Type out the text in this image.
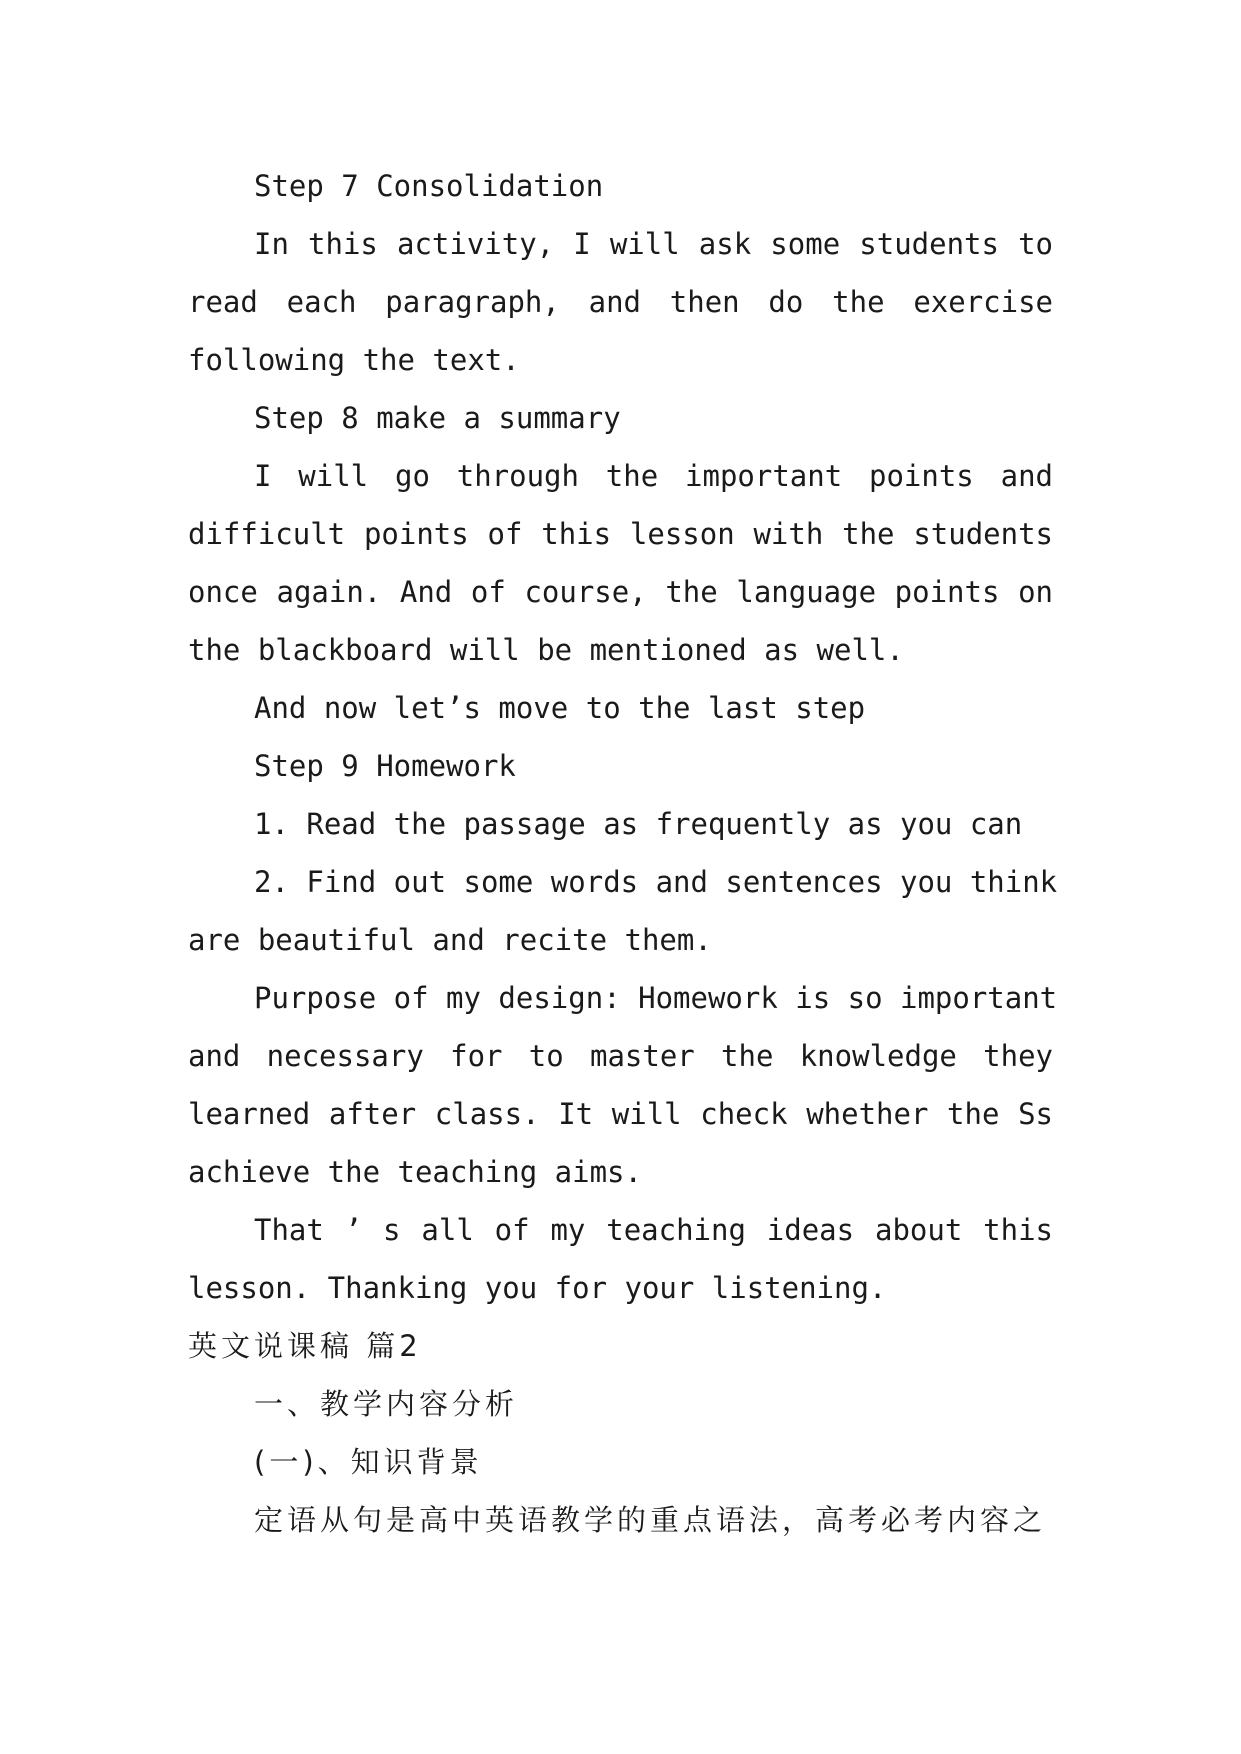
Step 7 Consolidation
In this activity, I will ask some students to
read each paragraph, and then do the exercise
following the text.
Step 8 make a summary
I will go through the important points and
difficult points of this lesson with the students
once again. And of course, the language points on
the blackboard will be mentioned as well.
And now let’s move to the last step
Step 9 Homework
1. Read the passage as frequently as you can
2. Find out some words and sentences you think
are beautiful and recite them.
Purpose of my design: Homework is so important
and necessary for to master the knowledge they
learned after class. It will check whether the Ss
achieve the teaching aims.
That ’ s all of my teaching ideas about this
lesson. Thanking you for your listening.
英文说课稿 篇2
一、教学内容分析
(一)、知识背景
定语从句是高中英语教学的重点语法，高考必考内容之
